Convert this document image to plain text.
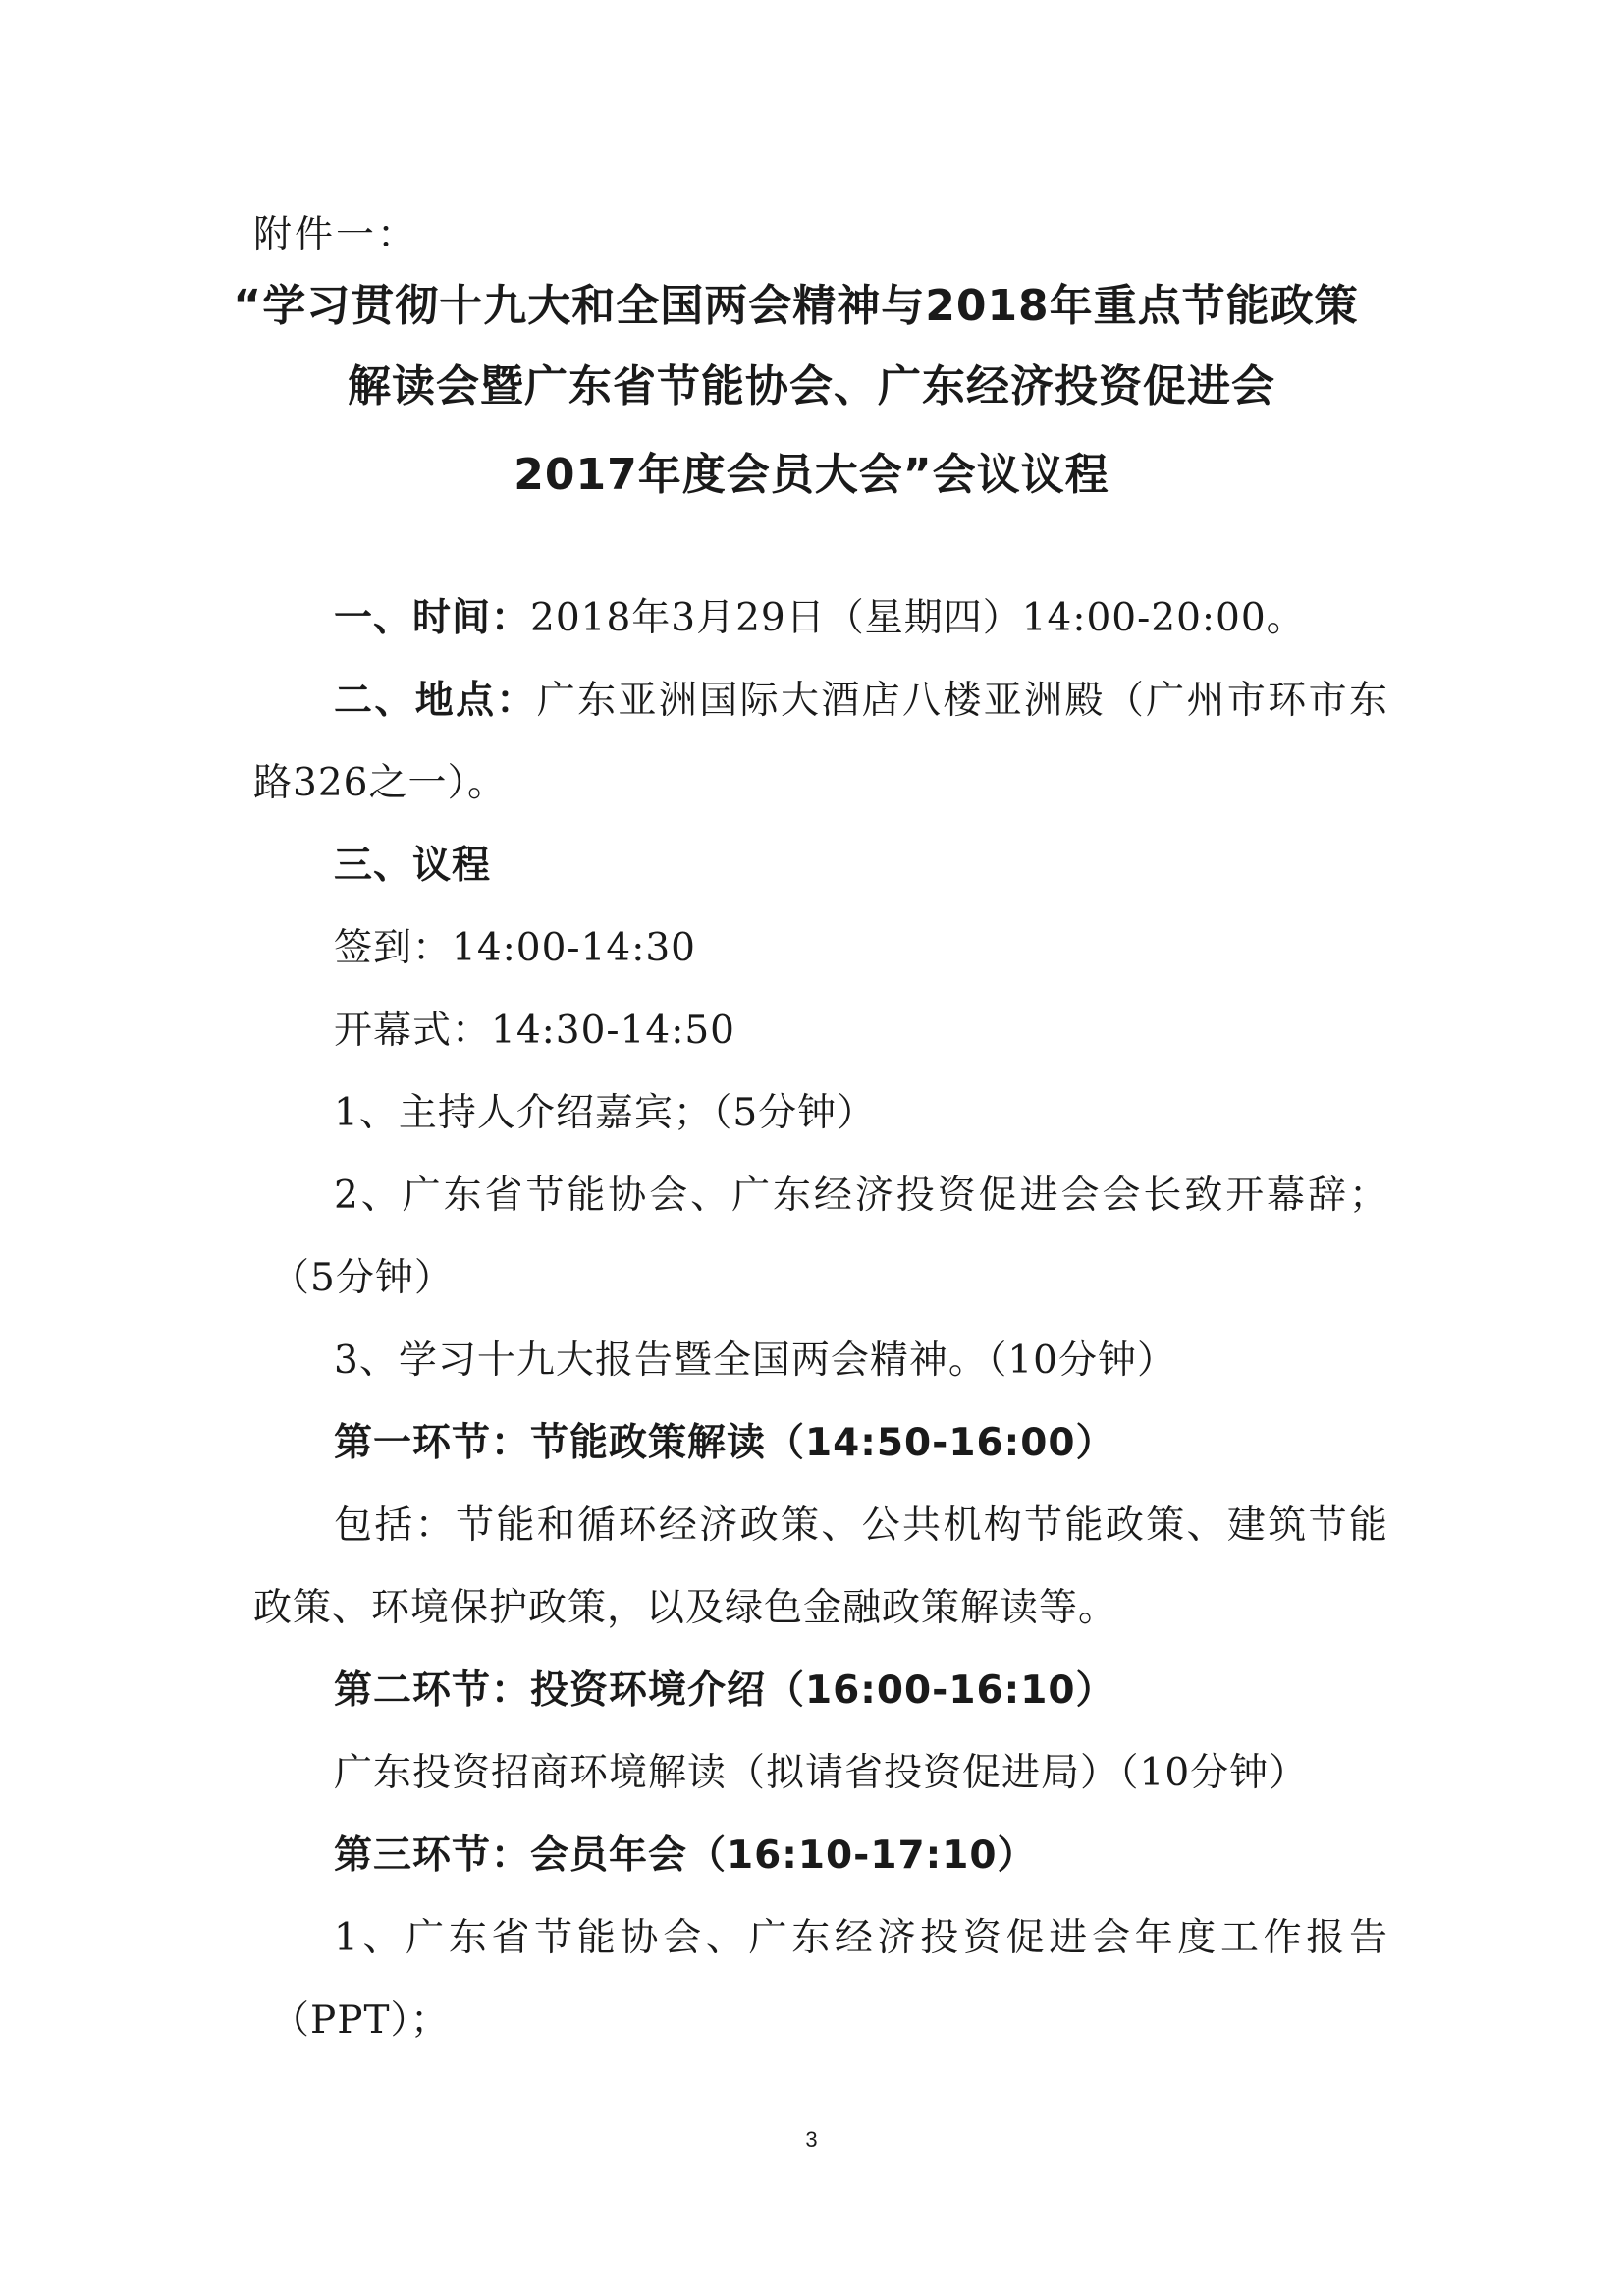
附件一：
“学习贯彻十九大和全国两会精神与2018年重点节能政策
解读会暨广东省节能协会、广东经济投资促进会
2017年度会员大会”会议议程
一、时间：2018年3月29日（星期四）14:00-20:00。
二、地点：广东亚洲国际大酒店八楼亚洲殿（广州市环市东
路326之一）。
三、议程
签到：14:00-14:30
开幕式：14:30-14:50
1、主持人介绍嘉宾；（5分钟）
2、广东省节能协会、广东经济投资促进会会长致开幕辞；
（5分钟）
3、学习十九大报告暨全国两会精神。（10分钟）
第一环节：节能政策解读（14:50-16:00）
包括：节能和循环经济政策、公共机构节能政策、建筑节能
政策、环境保护政策，以及绿色金融政策解读等。
第二环节：投资环境介绍（16:00-16:10）
广东投资招商环境解读（拟请省投资促进局）（10分钟）
第三环节：会员年会（16:10-17:10）
1、广东省节能协会、广东经济投资促进会年度工作报告
（PPT）；
3
